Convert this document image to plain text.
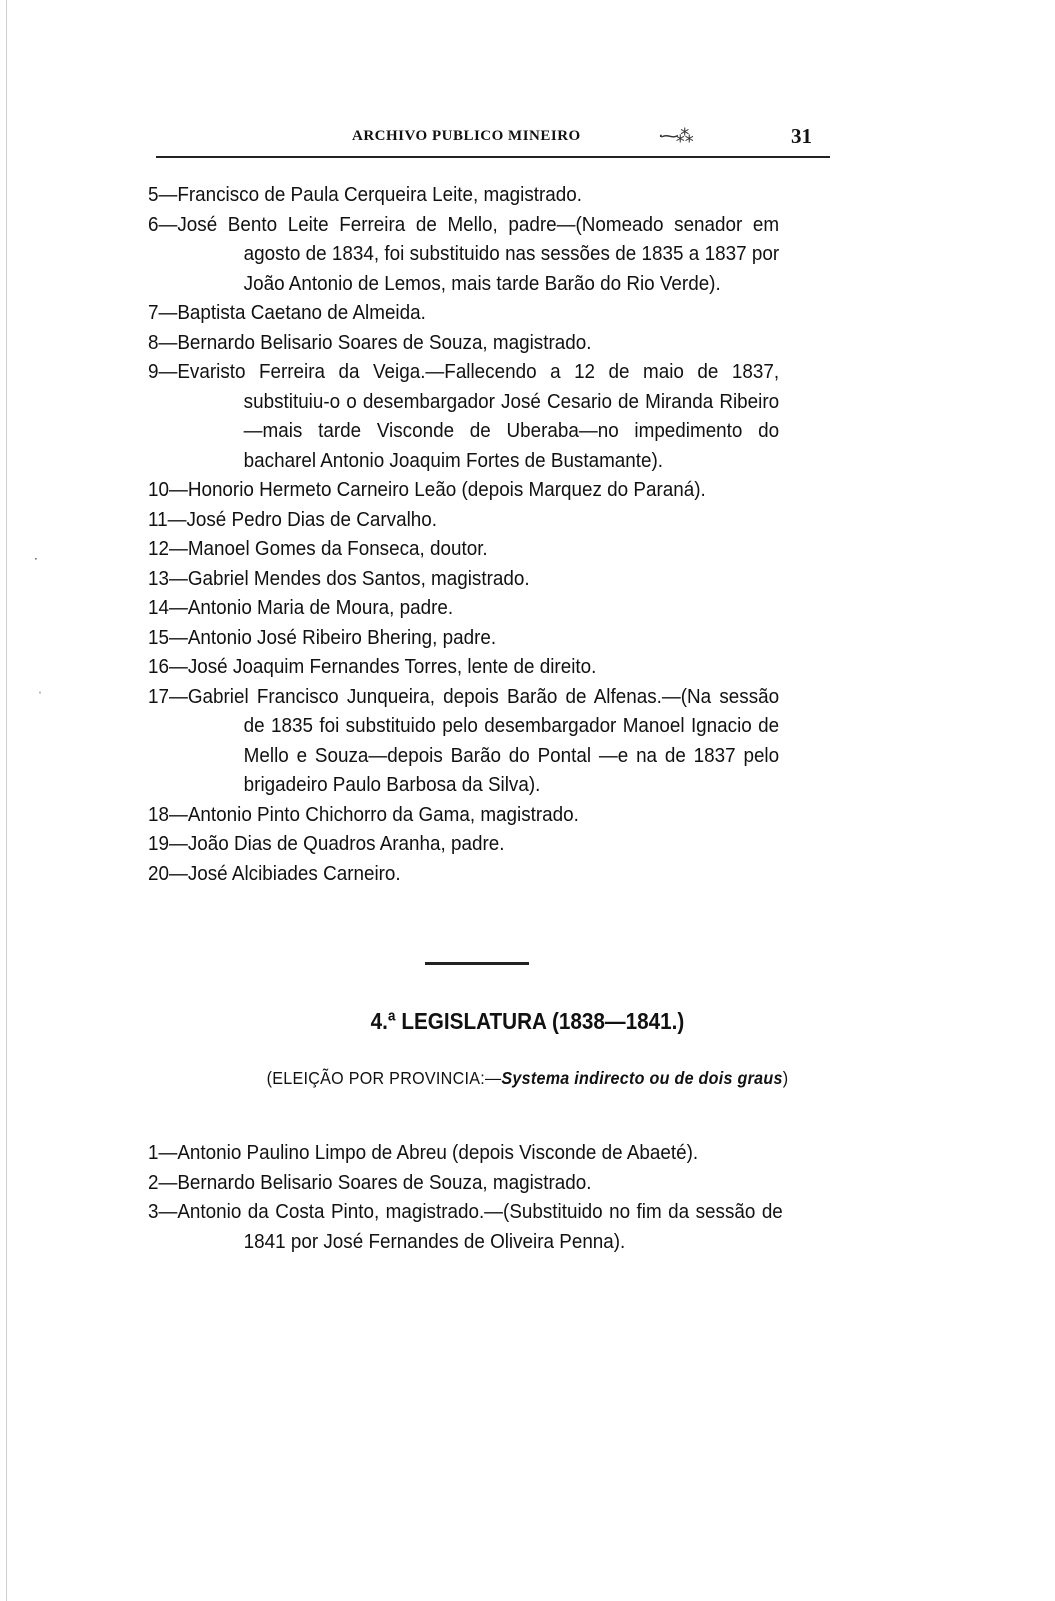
ARCHIVO PUBLICO MINEIRO	·⁓⁂	31

5—Francisco de Paula Cerqueira Leite, magistrado.

6—José Bento Leite Ferreira de Mello, padre—(Nomeado senador em agosto de 1834, foi substituido nas sessões de 1835 a 1837 por João Antonio de Lemos, mais tarde Barão do Rio Verde).

7—Baptista Caetano de Almeida.

8—Bernardo Belisario Soares de Souza, magistrado.

9—Evaristo Ferreira da Veiga.—Fallecendo a 12 de maio de 1837, substituiu-o o desembargador José Cesario de Miranda Ribeiro—mais tarde Visconde de Uberaba—no impedimento do bacharel Antonio Joaquim Fortes de Bustamante).

10—Honorio Hermeto Carneiro Leão (depois Marquez do Paraná).

11—José Pedro Dias de Carvalho.

12—Manoel Gomes da Fonseca, doutor.

13—Gabriel Mendes dos Santos, magistrado.

14—Antonio Maria de Moura, padre.

15—Antonio José Ribeiro Bhering, padre.

16—José Joaquim Fernandes Torres, lente de direito.

17—Gabriel Francisco Junqueira, depois Barão de Alfenas.—(Na sessão de 1835 foi substituido pelo desembargador Manoel Ignacio de Mello e Souza—depois Barão do Pontal —e na de 1837 pelo brigadeiro Paulo Barbosa da Silva).

18—Antonio Pinto Chichorro da Gama, magistrado.

19—João Dias de Quadros Aranha, padre.

20—José Alcibiades Carneiro.

4.ª LEGISLATURA (1838—1841.)
(ELEIÇÃO POR PROVINCIA:—Systema indirecto ou de dois graus)

1—Antonio Paulino Limpo de Abreu (depois Visconde de Abaeté).

2—Bernardo Belisario Soares de Souza, magistrado.

3—Antonio da Costa Pinto, magistrado.—(Substituido no fim da sessão de 1841 por José Fernandes de Oliveira Penna).

⋅
ˌ
